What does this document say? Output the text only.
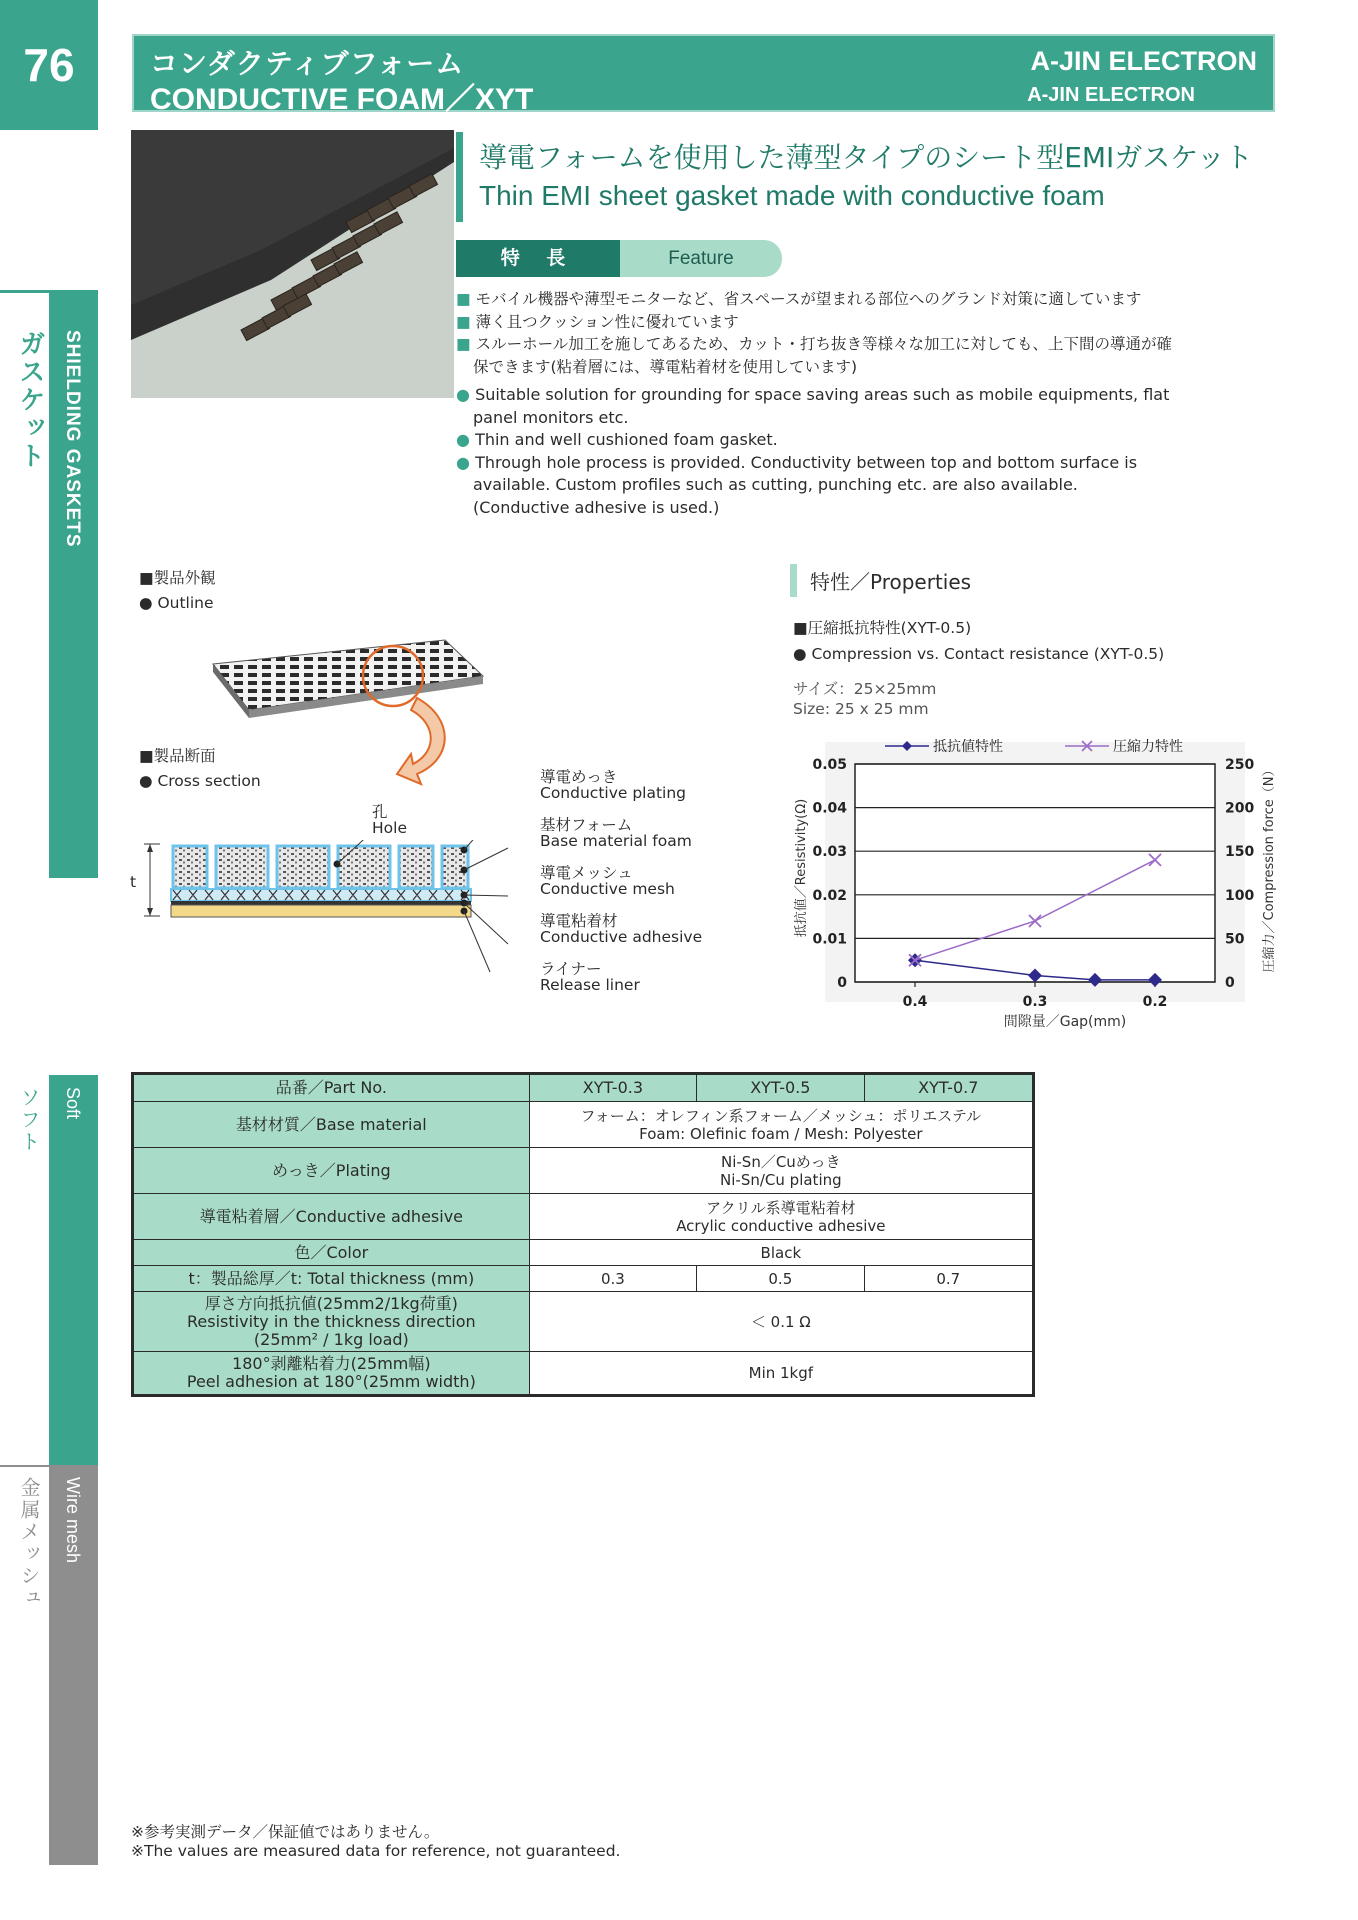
76	コンダクティブフォーム
CONDUCTIVE FOAM／XYT
A-JIN ELECTRON
A-JIN ELECTRON
ガスケット SHIELDING GASKETS
ソフト Soft
金属メッシュ Wire mesh
導電フォームを使用した薄型タイプのシート型EMIガスケット
Thin EMI sheet gasket made with conductive foam
特 長	Feature
■ モバイル機器や薄型モニターなど、省スペースが望まれる部位へのグランド対策に適しています
■ 薄く且つクッション性に優れています
■ スルーホール加工を施してあるため、カット・打ち抜き等様々な加工に対しても、上下間の導通が確保できます(粘着層には、導電粘着材を使用しています)
● Suitable solution for grounding for space saving areas such as mobile equipments, flat panel monitors etc.
● Thin and well cushioned foam gasket.
● Through hole process is provided. Conductivity between top and bottom surface is available. Custom profiles such as cutting, punching etc. are also available. (Conductive adhesive is used.)
■製品外観
● Outline
■製品断面
● Cross section
孔
Hole
t
導電めっき
Conductive plating
基材フォーム
Base material foam
導電メッシュ
Conductive mesh
導電粘着材
Conductive adhesive
ライナー
Release liner
特性／Properties
■圧縮抵抗特性(XYT-0.5)
● Compression vs. Contact resistance (XYT-0.5)
サイズ：25×25mm
Size: 25 x 25 mm
0.05	250
0.04	200
0.03	150
0.02	100
0.01	50
0	0
0.4	0.3	0.2
抵抗値特性	圧縮力特性
間隙量／Gap(mm)
抵抗値／Resistivity(Ω)	圧縮力／Compression force（N）
品番／Part No.	XYT-0.3	XYT-0.5	XYT-0.7
基材材質／Base material	フォーム：オレフィン系フォーム／メッシュ：ポリエステル
Foam: Olefinic foam / Mesh: Polyester		

めっき／Plating	Ni-Sn／Cuめっき
Ni-Sn/Cu plating		

導電粘着層／Conductive adhesive	アクリル系導電粘着材
Acrylic conductive adhesive		

色／Color	Black		
t：製品総厚／t: Total thickness (mm)	0.3	0.5	0.7

厚さ方向抵抗値(25mm2/1kg荷重)
Resistivity in the thickness direction
(25mm² / 1kg load)	＜ 0.1 Ω		

180°剥離粘着力(25mm幅)
Peel adhesion at 180°(25mm width)	Min 1kgf		
※参考実測データ／保証値ではありません。
※The values are measured data for reference, not guaranteed.
